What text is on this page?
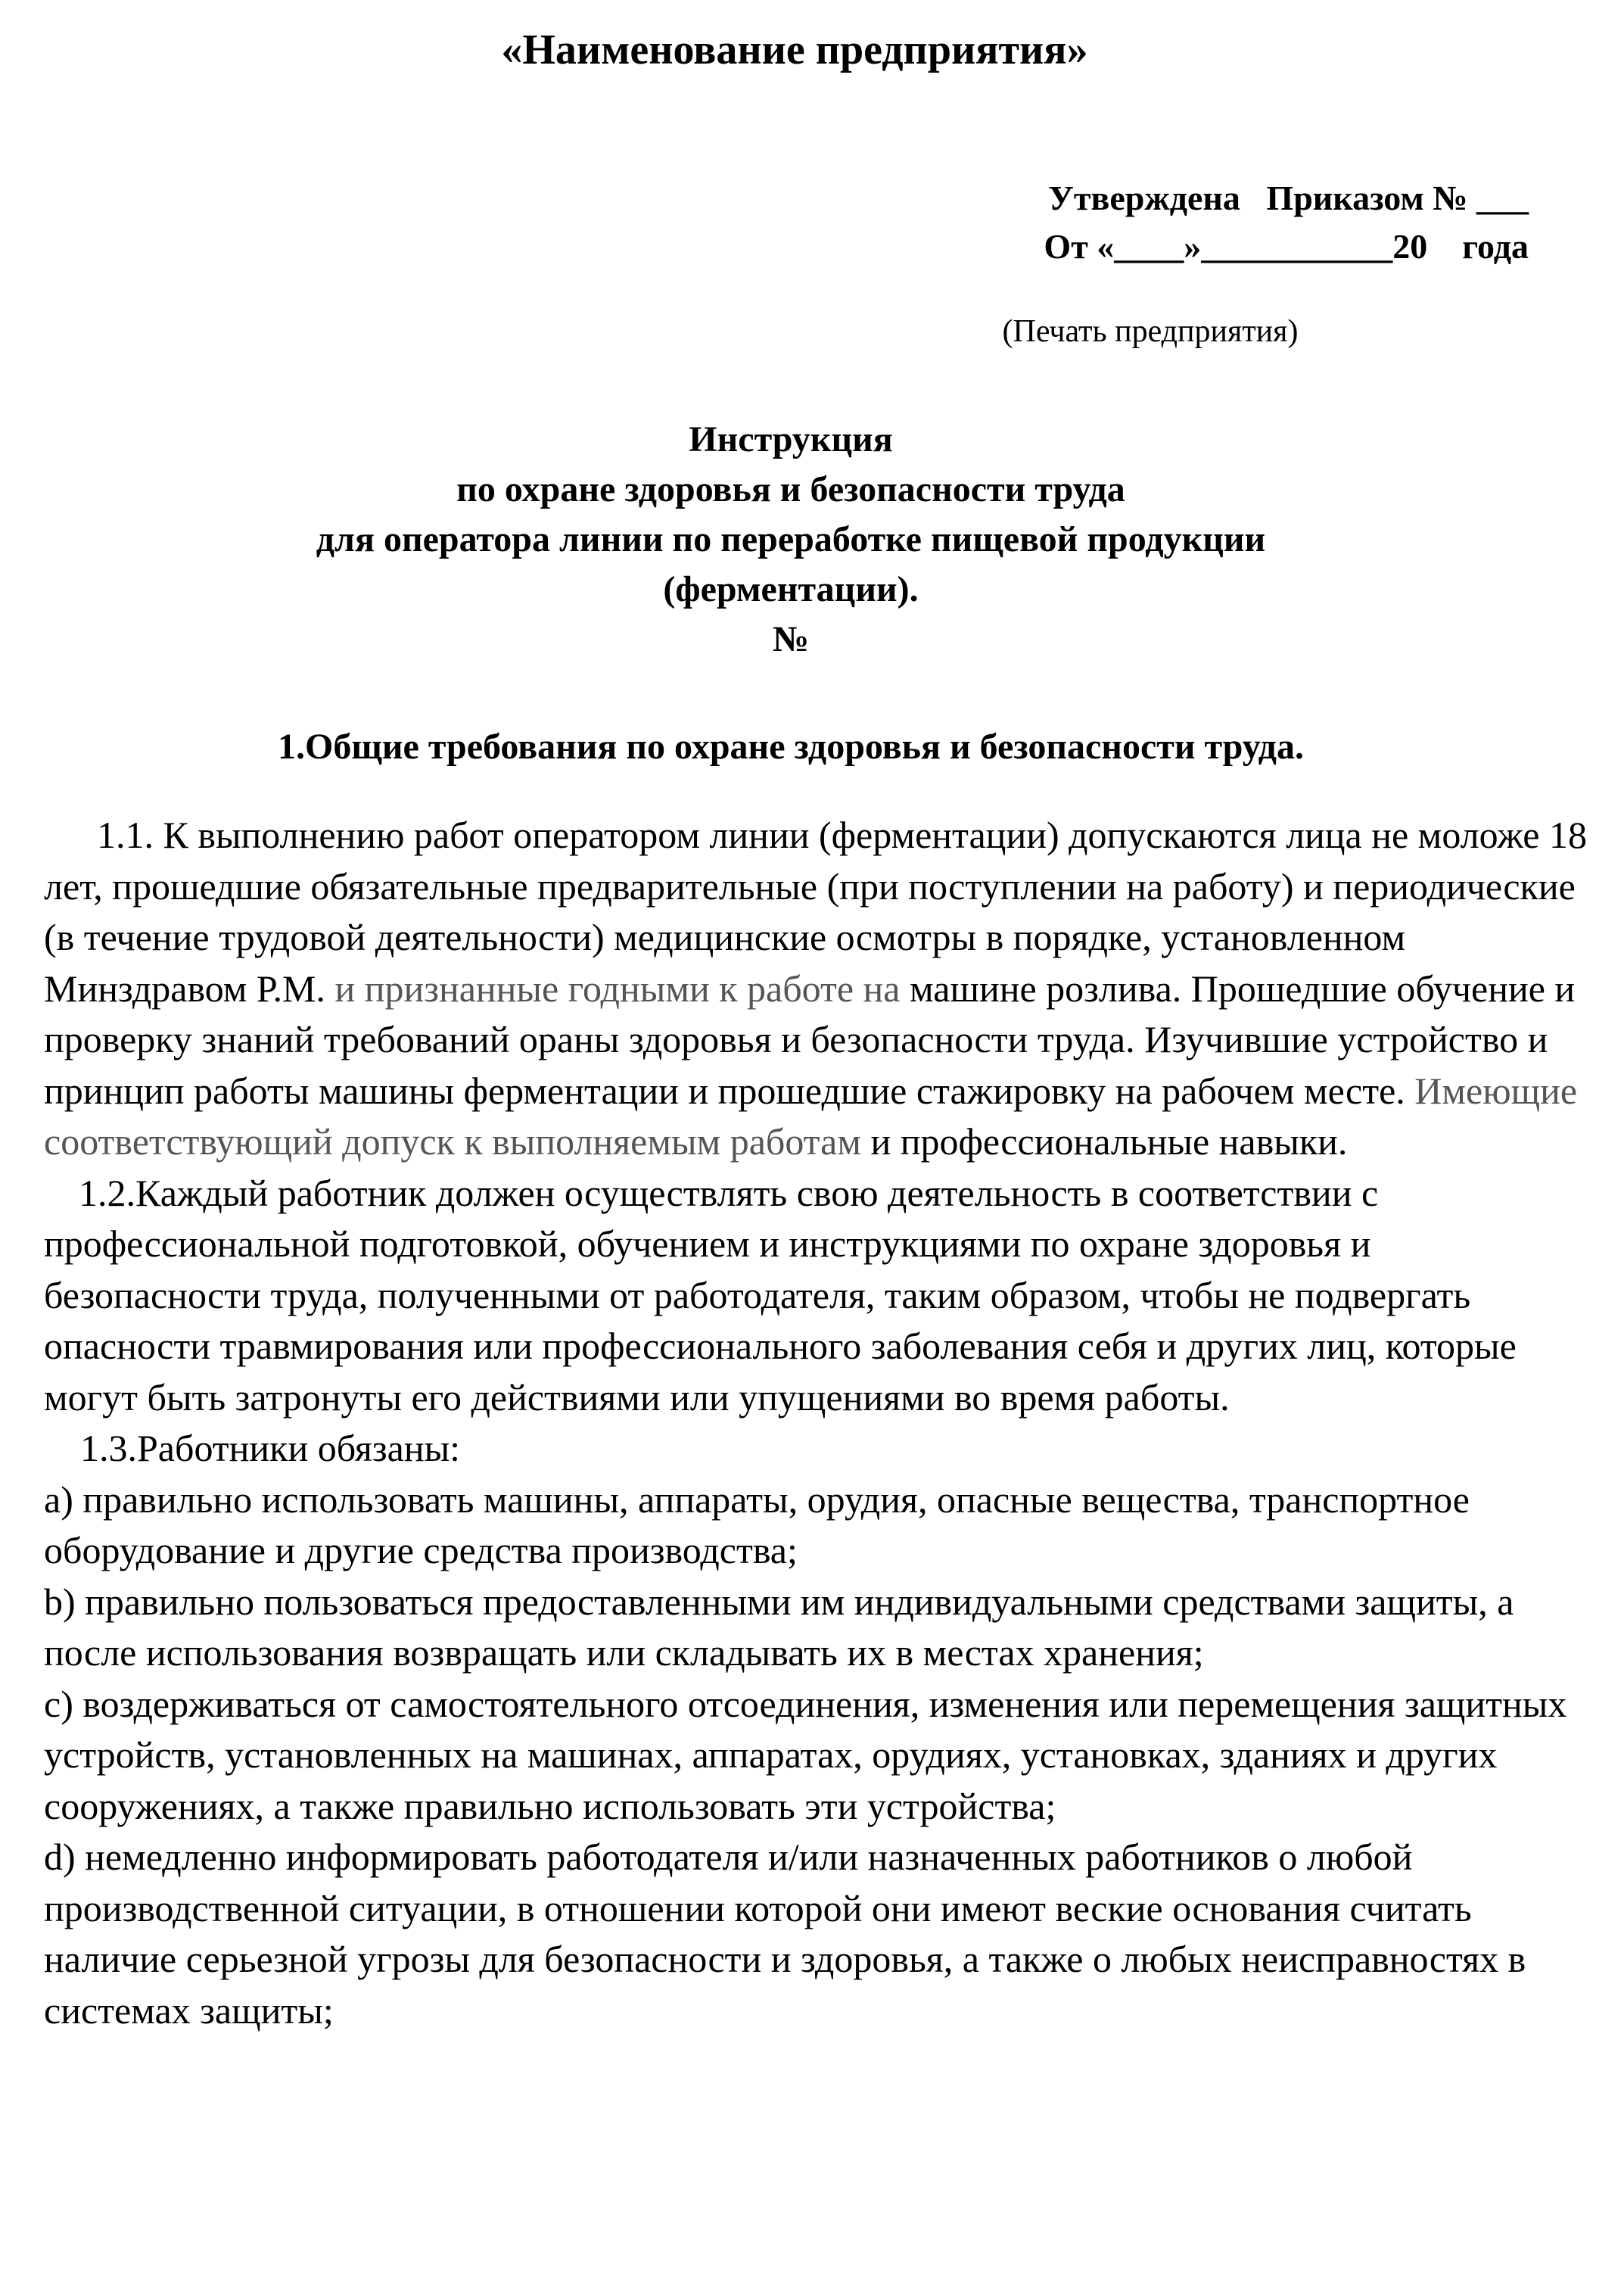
«Наименование предприятия»
Утверждена   Приказом № ___
От «____»___________20    года
(Печать предприятия)
Инструкция
по охране здоровья и безопасности труда
для оператора линии по переработке пищевой продукции
(ферментации).
№
1.Общие требования по охране здоровья и безопасности труда.

1.1. К выполнению работ оператором линии (ферментации) допускаются лица не моложе 18 лет, прошедшие обязательные предварительные (при поступлении на работу) и периодические (в течение трудовой деятельности) медицинские осмотры в порядке, установленном Минздравом Р.М. и признанные годными к работе на машине розлива. Прошедшие обучение и проверку знаний требований ораны здоровья и безопасности труда. Изучившие устройство и принцип работы машины ферментации и прошедшие стажировку на рабочем месте. Имеющие соответствующий допуск к выполняемым работам и профессиональные навыки.

1.2.Каждый работник должен осуществлять свою деятельность в соответствии с профессиональной подготовкой, обучением и инструкциями по охране здоровья и безопасности труда, полученными от работодателя, таким образом, чтобы не подвергать опасности травмирования или профессионального заболевания себя и других лиц, которые могут быть затронуты его действиями или упущениями во время работы.

1.3.Работники обязаны:

а) правильно использовать машины, аппараты, орудия, опасные вещества, транспортное оборудование и другие средства производства;

b) правильно пользоваться предоставленными им индивидуальными средствами защиты, а после использования возвращать или складывать их в местах хранения;

c) воздерживаться от самостоятельного отсоединения, изменения или перемещения защитных устройств, установленных на машинах, аппаратах, орудиях, установках, зданиях и других сооружениях, а также правильно использовать эти устройства;

d) немедленно информировать работодателя и/или назначенных работников о любой производственной ситуации, в отношении которой они имеют веские основания считать наличие серьезной угрозы для безопасности и здоровья, а также о любых неисправностях в системах защиты;
